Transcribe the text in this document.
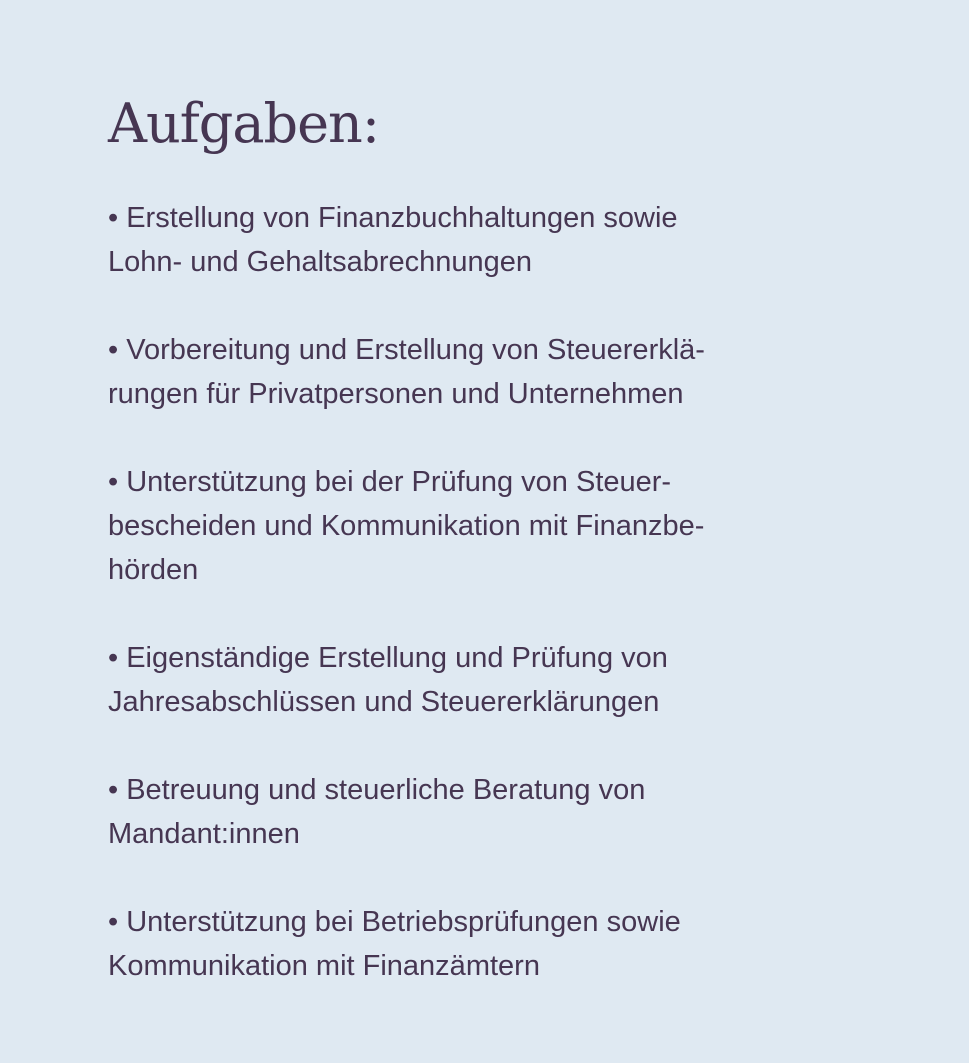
Aufgaben:
• Erstellung von Finanzbuchhaltungen sowie
Lohn- und Gehaltsabrechnungen
• Vorbereitung und Erstellung von Steuererklä-
rungen für Privatpersonen und Unternehmen
• Unterstützung bei der Prüfung von Steuer-
bescheiden und Kommunikation mit Finanzbe-
hörden
• Eigenständige Erstellung und Prüfung von
Jahresabschlüssen und Steuererklärungen
• Betreuung und steuerliche Beratung von
Mandant:innen
• Unterstützung bei Betriebsprüfungen sowie
Kommunikation mit Finanzämtern
